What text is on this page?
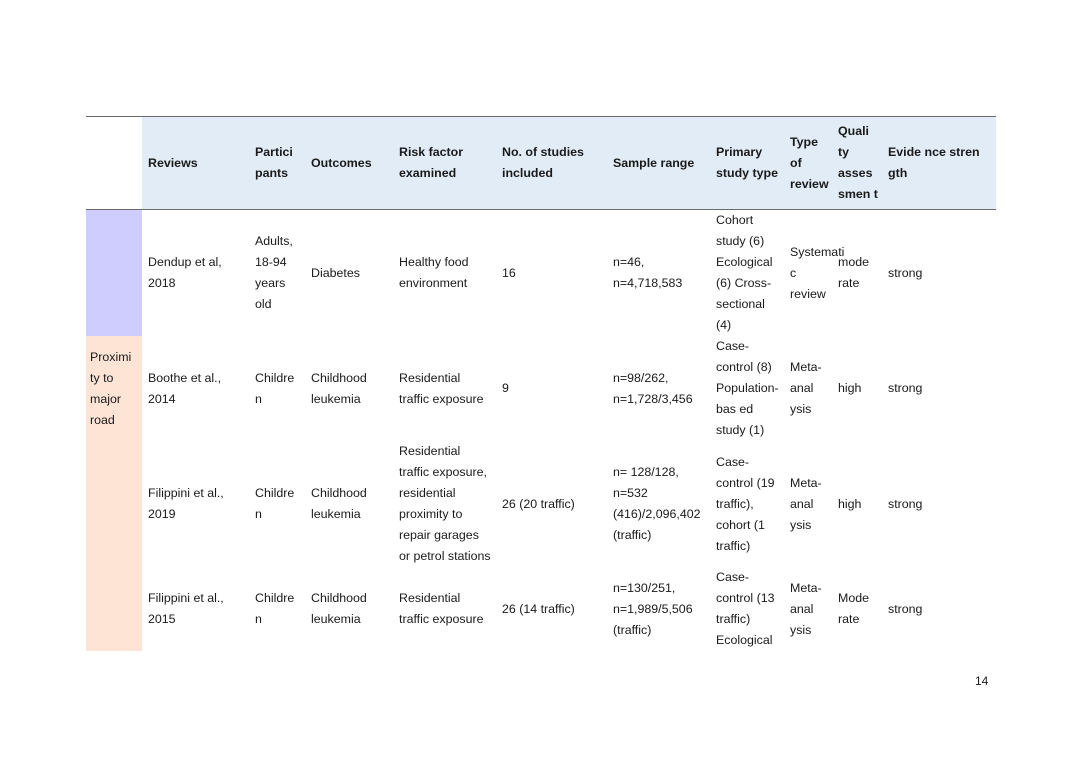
	Reviews	Partici pants	Outcomes	Risk factor examined	No. of studies included	Sample range	Primary study type	Type of review	Quali ty asses smen t	Evide nce stren gth
	Dendup et al, 2018	Adults, 18-94 years old	Diabetes	Healthy food environment	16	n=46, n=4,718,583	Cohort study (6) Ecological (6) Cross-sectional (4)	Systemati c review	mode rate	strong
Proximi ty to major road	Boothe et al., 2014	Childre n	Childhood leukemia	Residential traffic exposure	9	n=98/262, n=1,728/3,456	Case-control (8) Population-bas ed study (1)	Meta-anal ysis	high	strong
	Filippini et al., 2019	Childre n	Childhood leukemia	Residential traffic exposure, residential proximity to repair garages or petrol stations	26 (20 traffic)	n= 128/128, n=532 (416)/2,096,402 (traffic)	Case-control (19 traffic), cohort (1 traffic)	Meta-anal ysis	high	strong
	Filippini et al., 2015	Childre n	Childhood leukemia	Residential traffic exposure	26 (14 traffic)	n=130/251, n=1,989/5,506 (traffic)	Case-control (13 traffic) Ecological	Meta-anal ysis	Mode rate	strong
14
